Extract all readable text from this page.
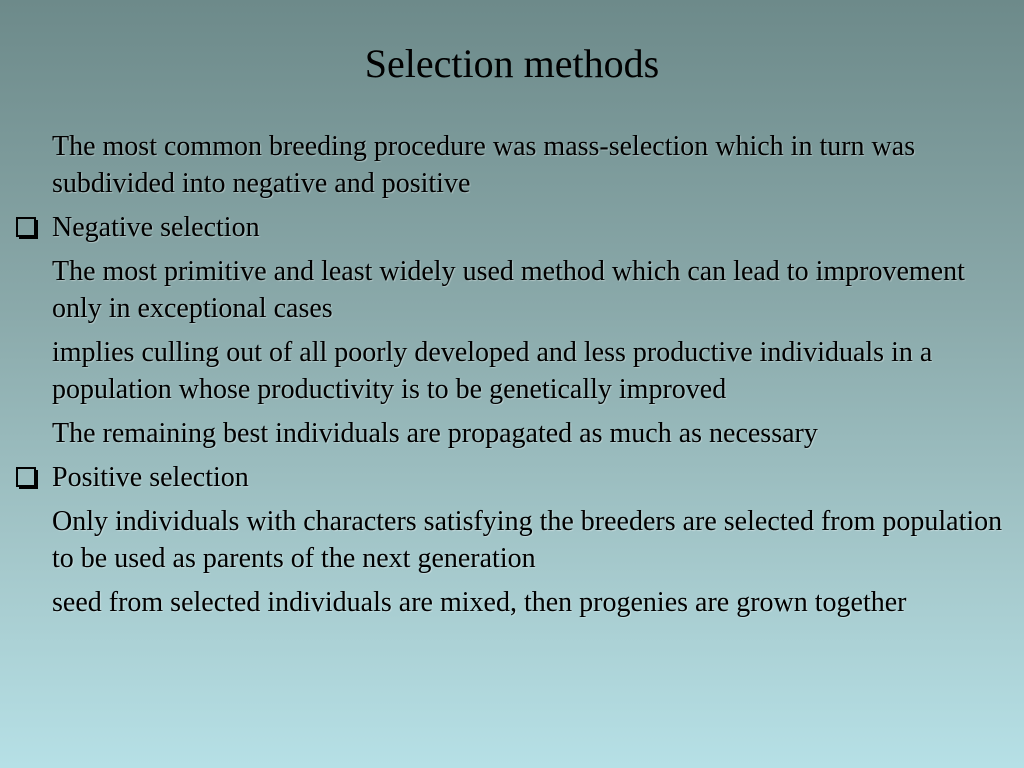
Selection methods

The most common breeding procedure was mass-selection which in turn was subdivided into negative and positive

Negative selection

The most primitive and least widely used method which can lead to improvement only in exceptional cases

implies culling out of all poorly developed and less productive individuals in a population whose productivity is to be genetically improved

The remaining best individuals are propagated as much as necessary

Positive selection

Only individuals with characters satisfying the breeders are selected from population to be used as parents of the next generation

seed from selected individuals are mixed, then progenies are grown together
